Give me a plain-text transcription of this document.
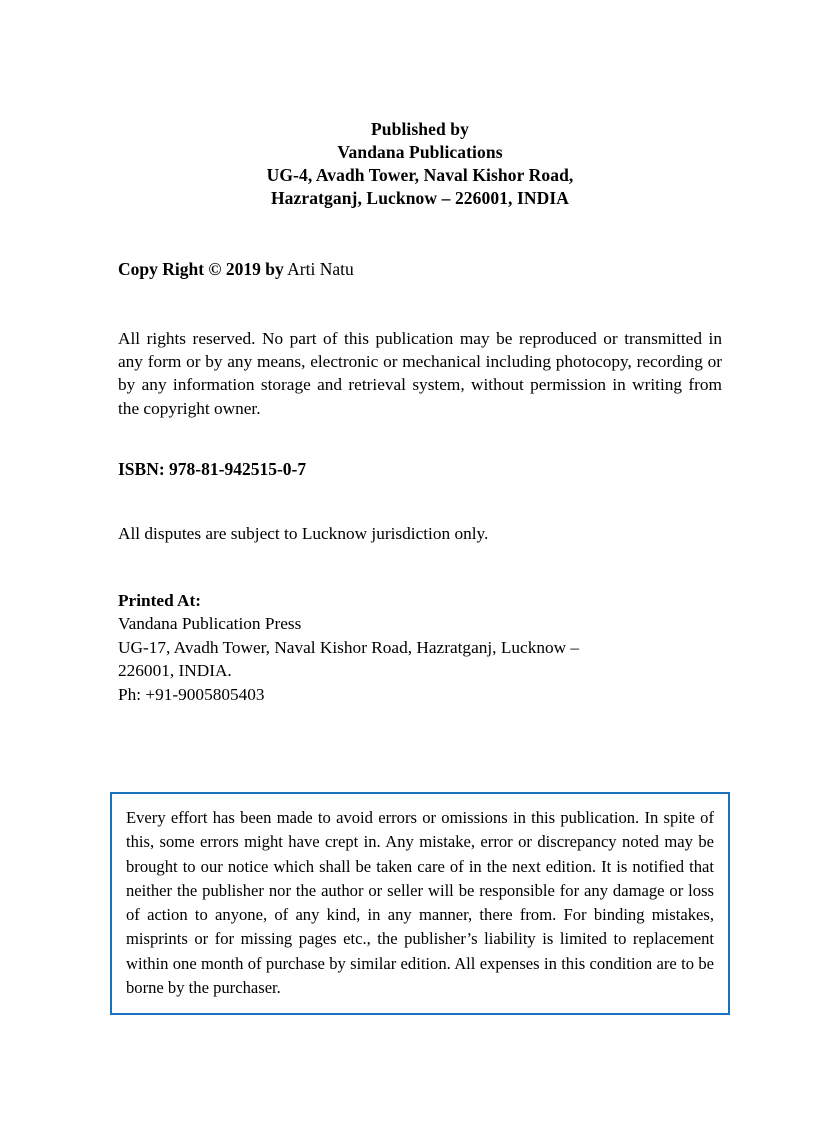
Published by
Vandana Publications
UG-4, Avadh Tower, Naval Kishor Road,
Hazratganj, Lucknow – 226001, INDIA
Copy Right © 2019 by Arti Natu
All rights reserved. No part of this publication may be reproduced or transmitted in any form or by any means, electronic or mechanical including photocopy, recording or by any information storage and retrieval system, without permission in writing from the copyright owner.
ISBN: 978-81-942515-0-7
All disputes are subject to Lucknow jurisdiction only.
Printed At:
Vandana Publication Press
UG-17, Avadh Tower, Naval Kishor Road, Hazratganj, Lucknow –
226001, INDIA.
Ph: +91-9005805403

Every effort has been made to avoid errors or omissions in this publication. In spite of this, some errors might have crept in. Any mistake, error or discrepancy noted may be brought to our notice which shall be taken care of in the next edition. It is notified that neither the publisher nor the author or seller will be responsible for any damage or loss of action to anyone, of any kind, in any manner, there from. For binding mistakes, misprints or for missing pages etc., the publisher’s liability is limited to replacement within one month of purchase by similar edition. All expenses in this condition are to be borne by the purchaser.
